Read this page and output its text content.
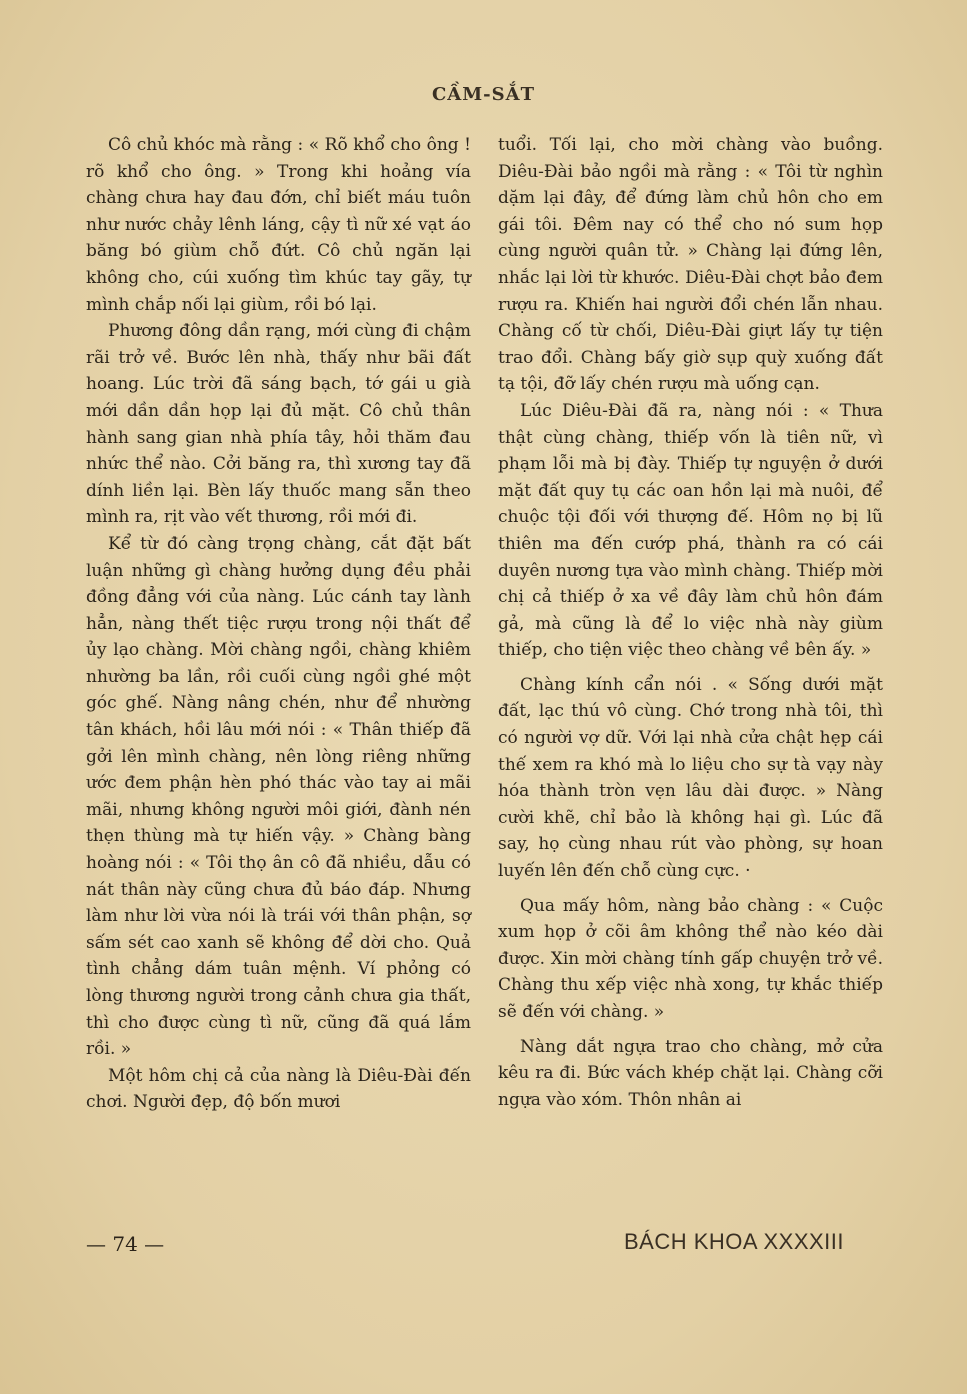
CẦM-SẮT

Cô chủ khóc mà rằng : « Rõ khổ cho ông ! rõ khổ cho ông. » Trong khi hoảng vía chàng chưa hay đau đớn, chỉ biết máu tuôn như nước chảy lênh láng, cậy tì nữ xé vạt áo băng bó giùm chỗ đứt. Cô chủ ngăn lại không cho, cúi xuống tìm khúc tay gãy, tự mình chắp nối lại giùm, rồi bó lại.

Phương đông dần rạng, mới cùng đi chậm rãi trở về. Bước lên nhà, thấy như bãi đất hoang. Lúc trời đã sáng bạch, tớ gái u già mới dần dần họp lại đủ mặt. Cô chủ thân hành sang gian nhà phía tây, hỏi thăm đau nhức thể nào. Cởi băng ra, thì xương tay đã dính liền lại. Bèn lấy thuốc mang sẵn theo mình ra, rịt vào vết thương, rồi mới đi.

Kể từ đó càng trọng chàng, cắt đặt bất luận những gì chàng hưởng dụng đều phải đồng đẳng với của nàng. Lúc cánh tay lành hẳn, nàng thết tiệc rượu trong nội thất để ủy lạo chàng. Mời chàng ngồi, chàng khiêm nhường ba lần, rồi cuối cùng ngồi ghé một góc ghế. Nàng nâng chén, như để nhường tân khách, hồi lâu mới nói : « Thân thiếp đã gởi lên mình chàng, nên lòng riêng những ước đem phận hèn phó thác vào tay ai mãi mãi, nhưng không người môi giới, đành nén thẹn thùng mà tự hiến vậy. » Chàng bàng hoàng nói : « Tôi thọ ân cô đã nhiều, dẫu có nát thân này cũng chưa đủ báo đáp. Nhưng làm như lời vừa nói là trái với thân phận, sợ sấm sét cao xanh sẽ không để dời cho. Quả tình chẳng dám tuân mệnh. Ví phỏng có lòng thương người trong cảnh chưa gia thất, thì cho được cùng tì nữ, cũng đã quá lắm rồi. »

Một hôm chị cả của nàng là Diêu-Đài đến chơi. Người đẹp, độ bốn mươi

tuổi. Tối lại, cho mời chàng vào buồng. Diêu-Đài bảo ngồi mà rằng : « Tôi từ nghìn dặm lại đây, để đứng làm chủ hôn cho em gái tôi. Đêm nay có thể cho nó sum họp cùng người quân tử. » Chàng lại đứng lên, nhắc lại lời từ khước. Diêu-Đài chợt bảo đem rượu ra. Khiến hai người đổi chén lẫn nhau. Chàng cố từ chối, Diêu-Đài giựt lấy tự tiện trao đổi. Chàng bấy giờ sụp quỳ xuống đất tạ tội, đỡ lấy chén rượu mà uống cạn.

Lúc Diêu-Đài đã ra, nàng nói : « Thưa thật cùng chàng, thiếp vốn là tiên nữ, vì phạm lỗi mà bị đày. Thiếp tự nguyện ở dưới mặt đất quy tụ các oan hồn lại mà nuôi, để chuộc tội đối với thượng đế. Hôm nọ bị lũ thiên ma đến cướp phá, thành ra có cái duyên nương tựa vào mình chàng. Thiếp mời chị cả thiếp ở xa về đây làm chủ hôn đám gả, mà cũng là để lo việc nhà này giùm thiếp, cho tiện việc theo chàng về bên ấy. »

Chàng kính cẩn nói . « Sống dưới mặt đất, lạc thú vô cùng. Chớ trong nhà tôi, thì có người vợ dữ. Với lại nhà cửa chật hẹp cái thế xem ra khó mà lo liệu cho sự tà vạy này hóa thành tròn vẹn lâu dài được. » Nàng cười khẽ, chỉ bảo là không hại gì. Lúc đã say, họ cùng nhau rút vào phòng, sự hoan luyến lên đến chỗ cùng cực. ·

Qua mấy hôm, nàng bảo chàng : « Cuộc xum họp ở cõi âm không thể nào kéo dài được. Xin mời chàng tính gấp chuyện trở về. Chàng thu xếp việc nhà xong, tự khắc thiếp sẽ đến với chàng. »

Nàng dắt ngựa trao cho chàng, mở cửa kêu ra đi. Bức vách khép chặt lại. Chàng cỡi ngựa vào xóm. Thôn nhân ai

— 74 —	BÁCH KHOA XXXXIII
